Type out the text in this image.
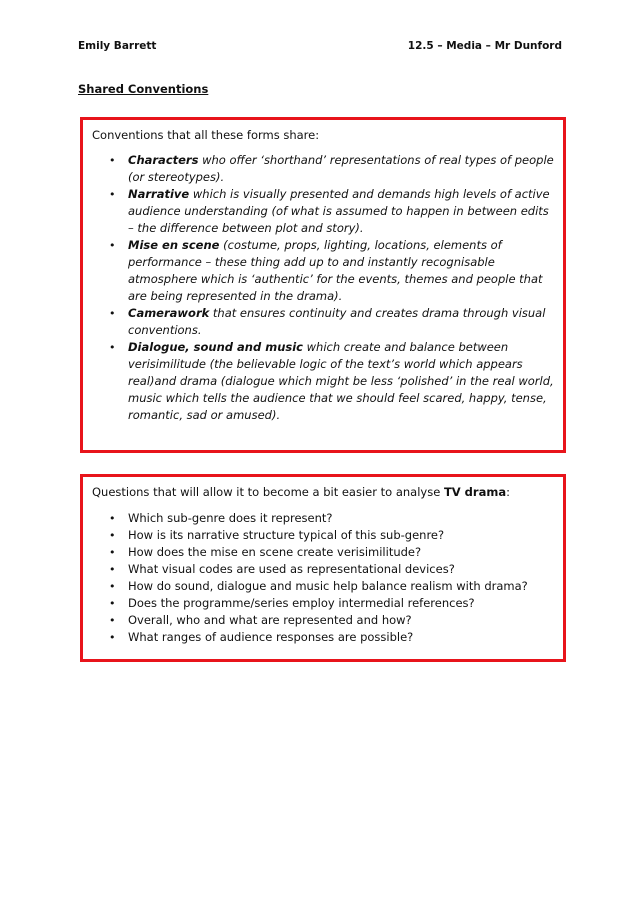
Emily Barrett	12.5 – Media – Mr Dunford
Shared Conventions

Conventions that all these forms share:

• Characters who offer ‘shorthand’ representations of real types of people (or stereotypes).
• Narrative which is visually presented and demands high levels of active audience understanding (of what is assumed to happen in between edits – the difference between plot and story).
• Mise en scene (costume, props, lighting, locations, elements of performance – these thing add up to and instantly recognisable atmosphere which is ‘authentic’ for the events, themes and people that are being represented in the drama).
• Camerawork that ensures continuity and creates drama through visual conventions.
• Dialogue, sound and music which create and balance between verisimilitude (the believable logic of the text’s world which appears real)and drama (dialogue which might be less ‘polished’ in the real world, music which tells the audience that we should feel scared, happy, tense, romantic, sad or amused).

Questions that will allow it to become a bit easier to analyse TV drama:

• Which sub-genre does it represent?
• How is its narrative structure typical of this sub-genre?
• How does the mise en scene create verisimilitude?
• What visual codes are used as representational devices?
• How do sound, dialogue and music help balance realism with drama?
• Does the programme/series employ intermedial references?
• Overall, who and what are represented and how?
• What ranges of audience responses are possible?
